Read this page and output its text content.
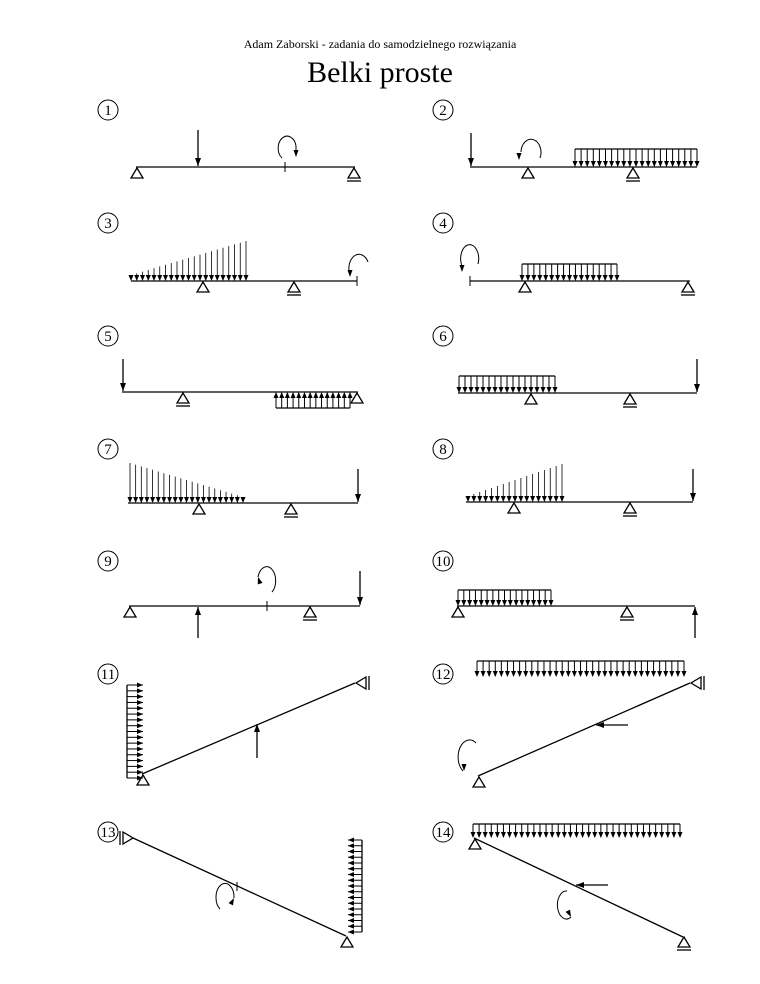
Adam Zaborski - zadania do samodzielnego rozwiązania
Belki proste
1	2
3	4
5	6
7	8
9	10
11	12
13	14
